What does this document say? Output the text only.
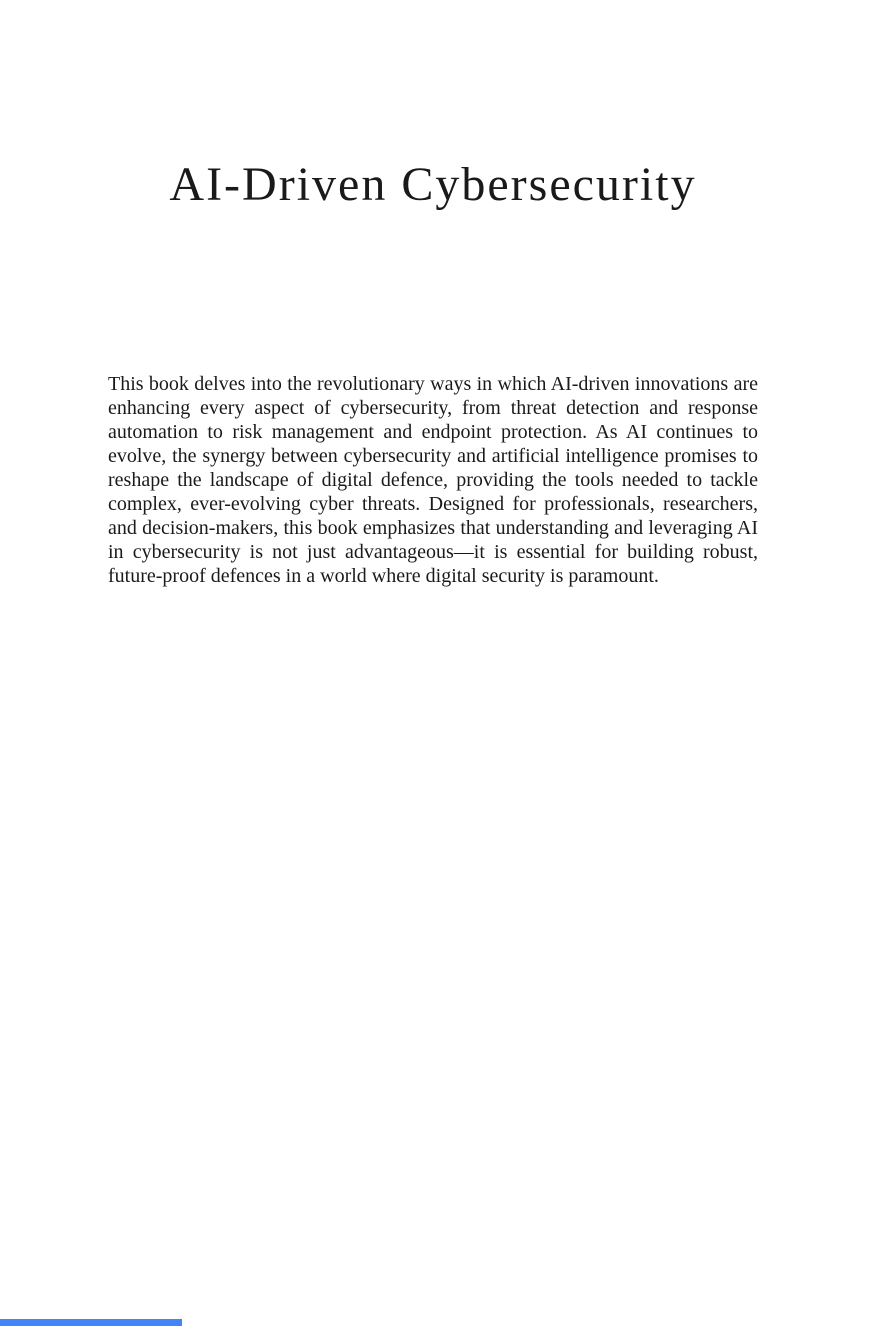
AI-Driven Cybersecurity

This book delves into the revolutionary ways in which AI-driven innovations are enhancing every aspect of cybersecurity, from threat detection and response automation to risk management and endpoint protection. As AI continues to evolve, the synergy between cybersecurity and artificial intelligence promises to reshape the landscape of digital defence, providing the tools needed to tackle complex, ever-evolving cyber threats. Designed for professionals, researchers, and decision-makers, this book emphasizes that understanding and leveraging AI in cybersecurity is not just advantageous—it is essential for building robust, future-proof defences in a world where digital security is paramount.
